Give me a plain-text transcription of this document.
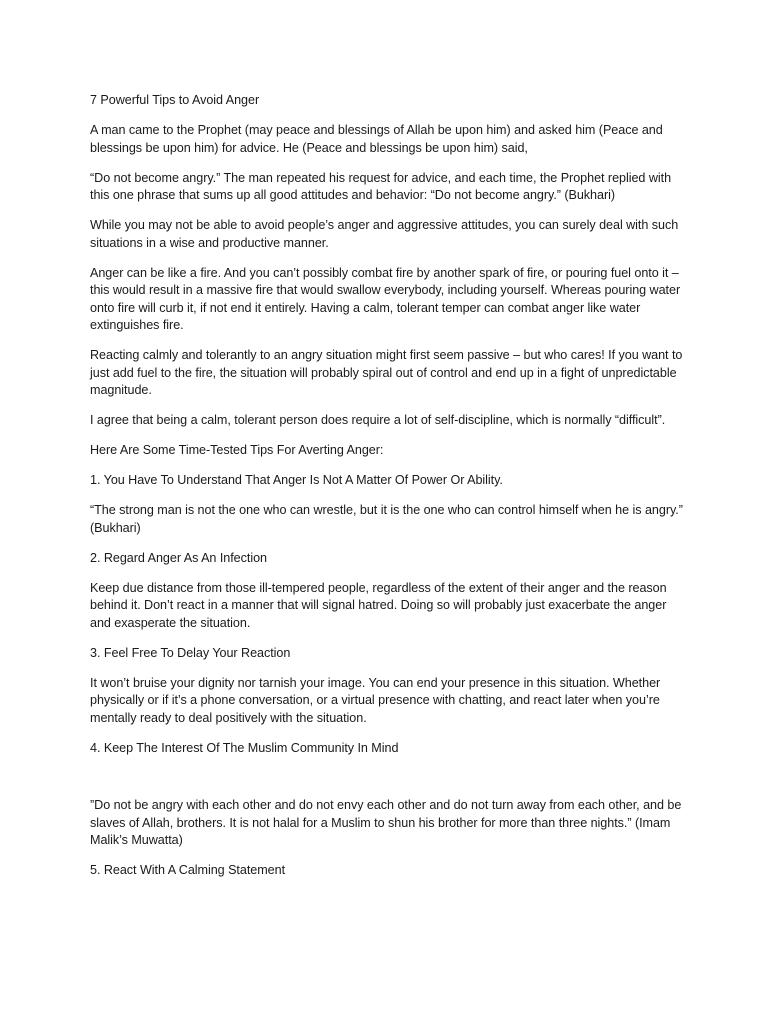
7 Powerful Tips to Avoid Anger

A man came to the Prophet (may peace and blessings of Allah be upon him) and asked him (Peace and blessings be upon him) for advice. He (Peace and blessings be upon him) said,

“Do not become angry.” The man repeated his request for advice, and each time, the Prophet replied with this one phrase that sums up all good attitudes and behavior: “Do not become angry.” (Bukhari)

While you may not be able to avoid people’s anger and aggressive attitudes, you can surely deal with such situations in a wise and productive manner.

Anger can be like a fire. And you can’t possibly combat fire by another spark of fire, or pouring fuel onto it – this would result in a massive fire that would swallow everybody, including yourself. Whereas pouring water onto fire will curb it, if not end it entirely. Having a calm, tolerant temper can combat anger like water extinguishes fire.

Reacting calmly and tolerantly to an angry situation might first seem passive – but who cares! If you want to just add fuel to the fire, the situation will probably spiral out of control and end up in a fight of unpredictable magnitude.

I agree that being a calm, tolerant person does require a lot of self-discipline, which is normally “difficult”.

Here Are Some Time-Tested Tips For Averting Anger:

1. You Have To Understand That Anger Is Not A Matter Of Power Or Ability.

“The strong man is not the one who can wrestle, but it is the one who can control himself when he is angry.” (Bukhari)

2. Regard Anger As An Infection

Keep due distance from those ill-tempered people, regardless of the extent of their anger and the reason behind it. Don’t react in a manner that will signal hatred. Doing so will probably just exacerbate the anger and exasperate the situation.

3. Feel Free To Delay Your Reaction

It won’t bruise your dignity nor tarnish your image. You can end your presence in this situation. Whether physically or if it’s a phone conversation, or a virtual presence with chatting, and react later when you’re mentally ready to deal positively with the situation.

4. Keep The Interest Of The Muslim Community In Mind

”Do not be angry with each other and do not envy each other and do not turn away from each other, and be slaves of Allah, brothers. It is not halal for a Muslim to shun his brother for more than three nights.” (Imam Malik’s Muwatta)

5. React With A Calming Statement
